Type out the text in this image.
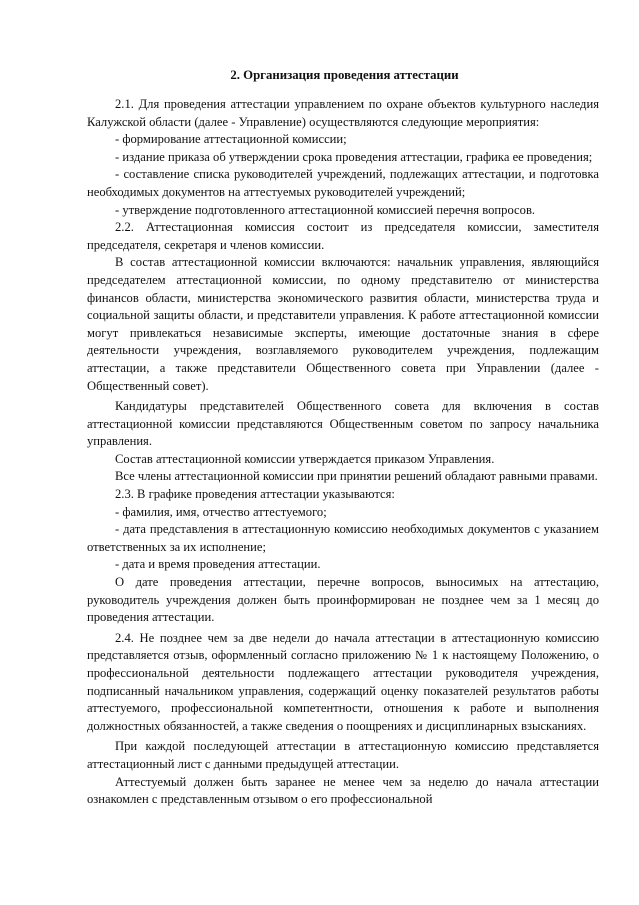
2. Организация проведения аттестации

2.1. Для проведения аттестации управлением по охране объектов культурного наследия Калужской области (далее - Управление) осуществляются следующие мероприятия:

- формирование аттестационной комиссии;

- издание приказа об утверждении срока проведения аттестации, графика ее проведения;

- составление списка руководителей учреждений, подлежащих аттестации, и подготовка необходимых документов на аттестуемых руководителей учреждений;

- утверждение подготовленного аттестационной комиссией перечня вопросов.

2.2. Аттестационная комиссия состоит из председателя комиссии, заместителя председателя, секретаря и членов комиссии.

В состав аттестационной комиссии включаются: начальник управления, являющийся председателем аттестационной комиссии, по одному представителю от министерства финансов области, министерства экономического развития области, министерства труда и социальной защиты области, и представители управления. К работе аттестационной комиссии могут привлекаться независимые эксперты, имеющие достаточные знания в сфере деятельности учреждения, возглавляемого руководителем учреждения, подлежащим аттестации, а также представители Общественного совета при Управлении (далее - Общественный совет).

Кандидатуры представителей Общественного совета для включения в состав аттестационной комиссии представляются Общественным советом по запросу начальника управления.

Состав аттестационной комиссии утверждается приказом Управления.

Все члены аттестационной комиссии при принятии решений обладают равными правами.

2.3. В графике проведения аттестации указываются:

- фамилия, имя, отчество аттестуемого;

- дата представления в аттестационную комиссию необходимых документов с указанием ответственных за их исполнение;

- дата и время проведения аттестации.

О дате проведения аттестации, перечне вопросов, выносимых на аттестацию, руководитель учреждения должен быть проинформирован не позднее чем за 1 месяц до проведения аттестации.

2.4. Не позднее чем за две недели до начала аттестации в аттестационную комиссию представляется отзыв, оформленный согласно приложению № 1 к настоящему Положению, о профессиональной деятельности подлежащего аттестации руководителя учреждения, подписанный начальником управления, содержащий оценку показателей результатов работы аттестуемого, профессиональной компетентности, отношения к работе и выполнения должностных обязанностей, а также сведения о поощрениях и дисциплинарных взысканиях.

При каждой последующей аттестации в аттестационную комиссию представляется аттестационный лист с данными предыдущей аттестации.

Аттестуемый должен быть заранее не менее чем за неделю до начала аттестации ознакомлен с представленным отзывом о его профессиональной
